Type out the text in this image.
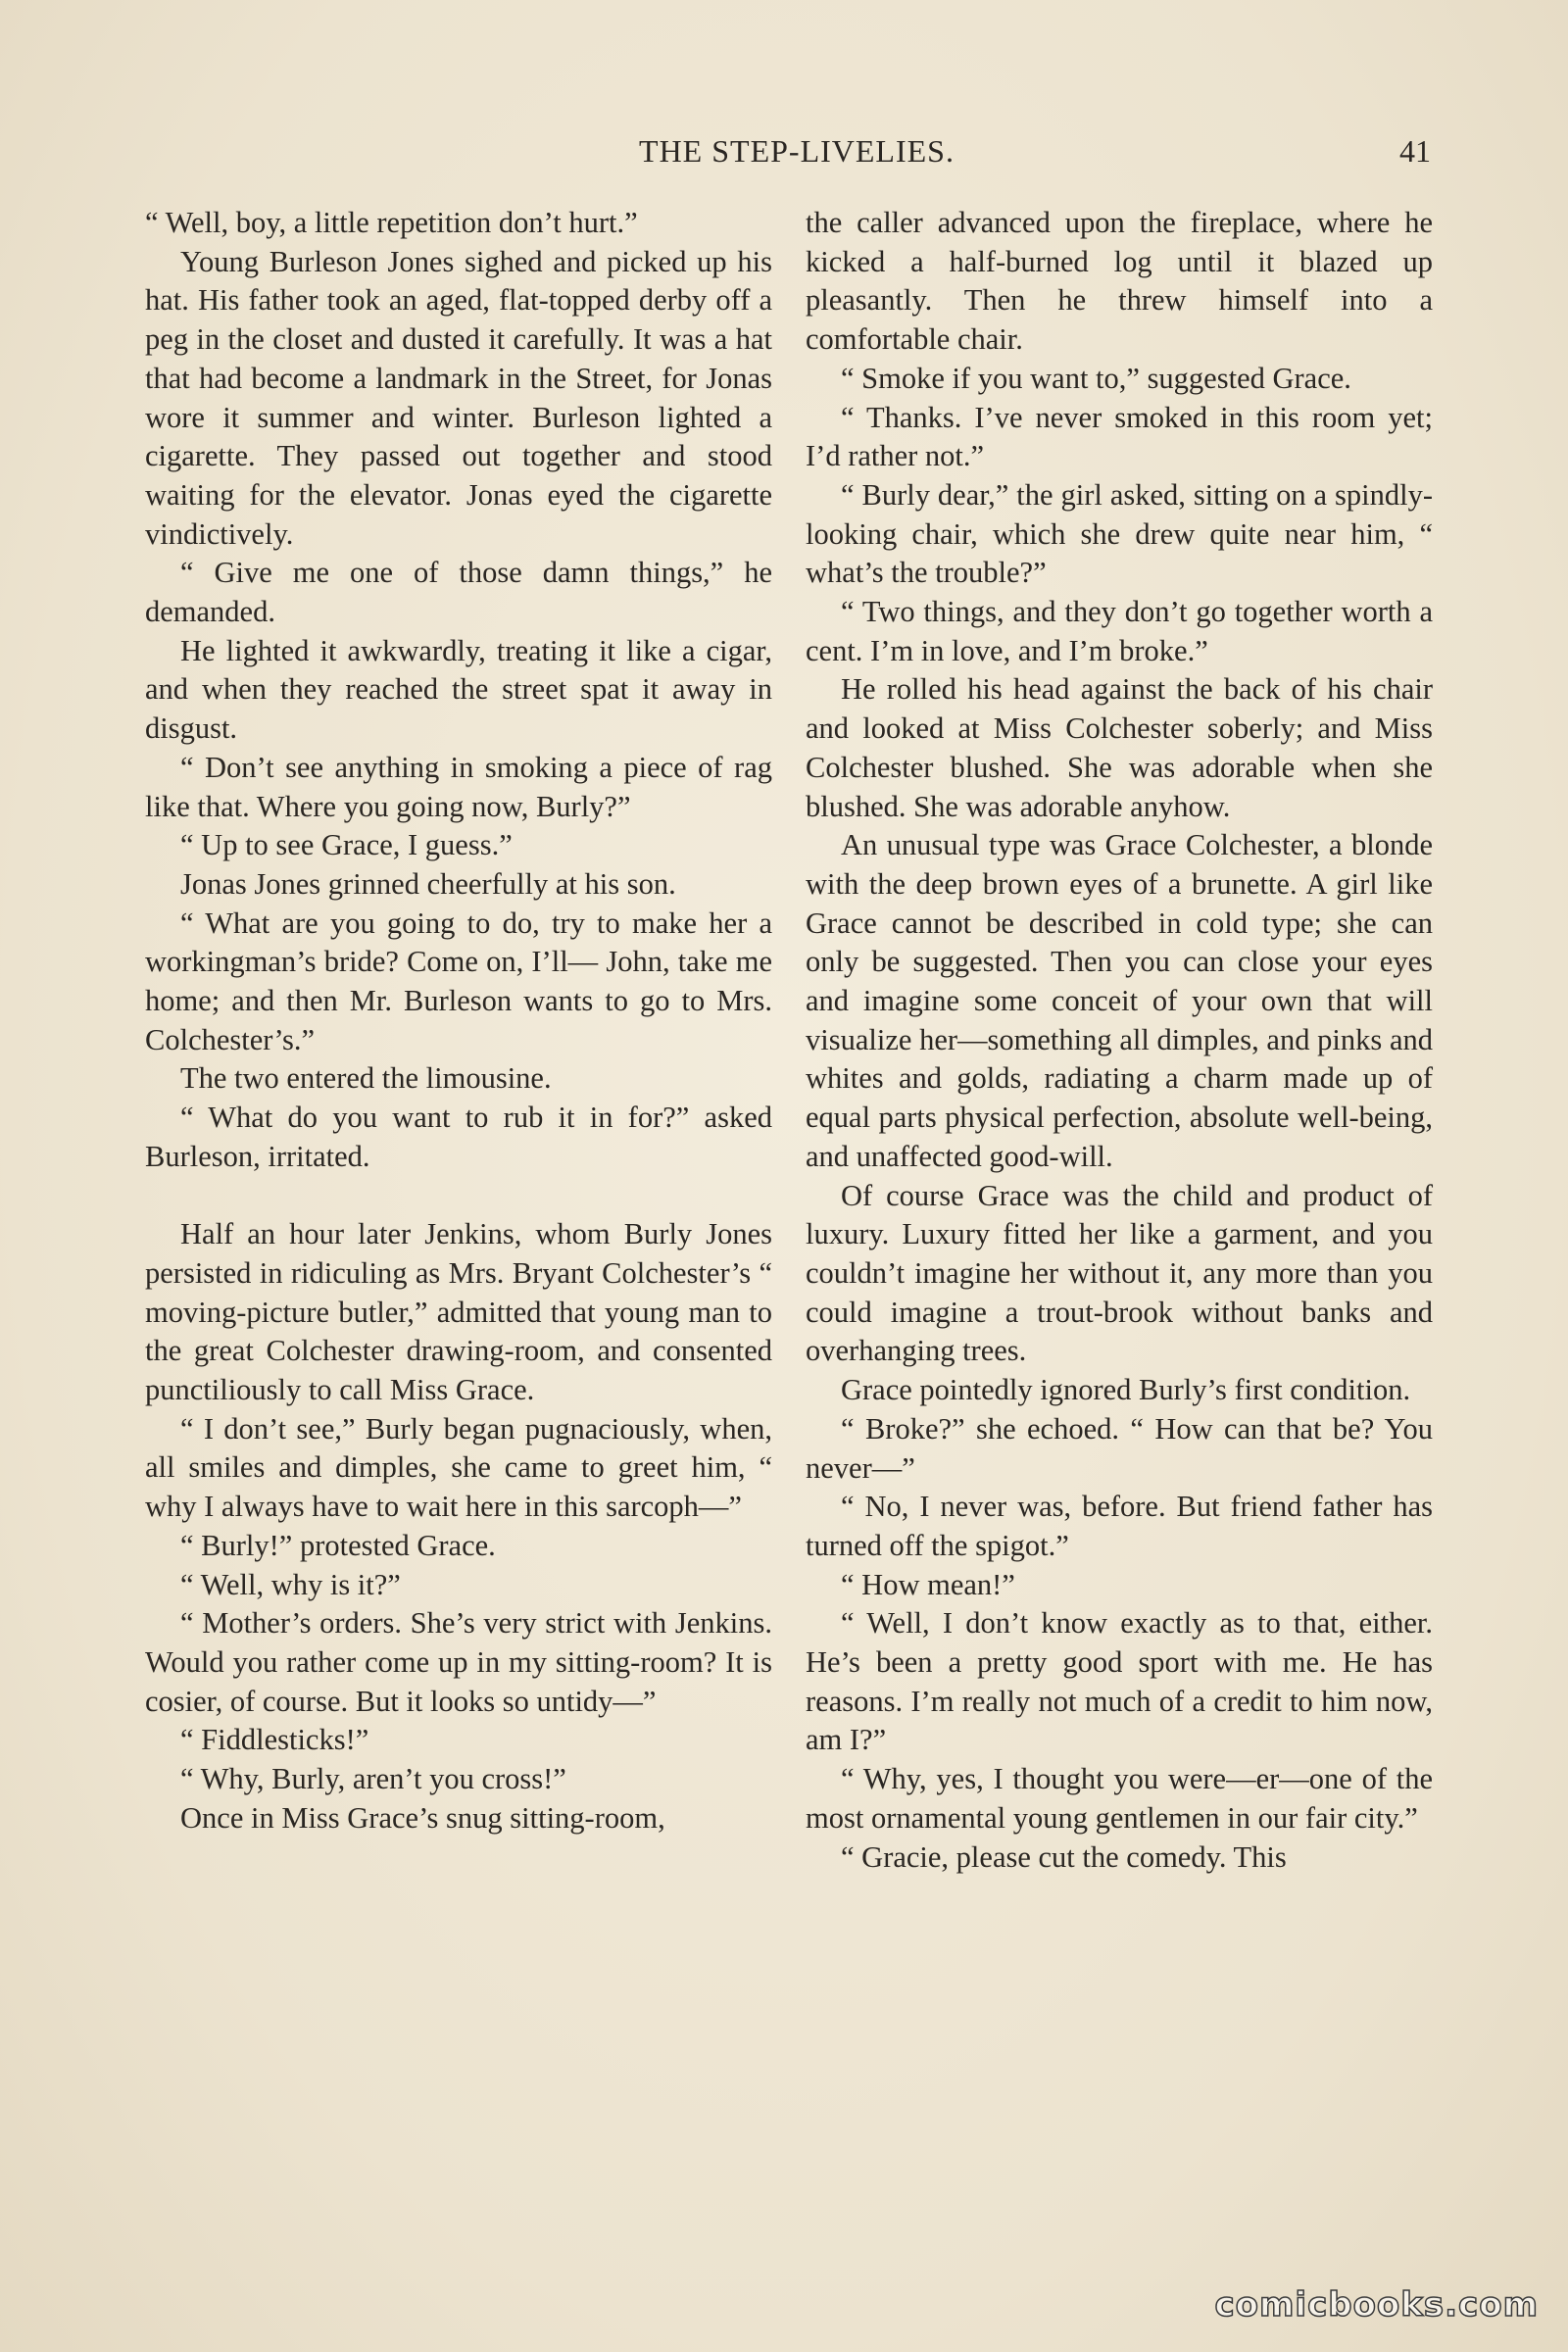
THE STEP-LIVELIES.	41

“ Well, boy, a little repetition don’t hurt.”

Young Burleson Jones sighed and picked up his hat. His father took an aged, flat-topped derby off a peg in the closet and dusted it carefully. It was a hat that had become a landmark in the Street, for Jonas wore it summer and winter. Burleson lighted a cigarette. They passed out together and stood waiting for the elevator. Jonas eyed the cigarette vindictively.

“ Give me one of those damn things,” he demanded.

He lighted it awkwardly, treating it like a cigar, and when they reached the street spat it away in disgust.

“ Don’t see anything in smoking a piece of rag like that. Where you going now, Burly?”

“ Up to see Grace, I guess.”

Jonas Jones grinned cheerfully at his son.

“ What are you going to do, try to make her a workingman’s bride? Come on, I’ll— John, take me home; and then Mr. Burleson wants to go to Mrs. Colchester’s.”

The two entered the limousine.

“ What do you want to rub it in for?” asked Burleson, irritated.

Half an hour later Jenkins, whom Burly Jones persisted in ridiculing as Mrs. Bryant Colchester’s “ moving-picture butler,” admitted that young man to the great Colchester drawing-room, and consented punctiliously to call Miss Grace.

“ I don’t see,” Burly began pugnaciously, when, all smiles and dimples, she came to greet him, “ why I always have to wait here in this sarcoph—”

“ Burly!” protested Grace.

“ Well, why is it?”

“ Mother’s orders. She’s very strict with Jenkins. Would you rather come up in my sitting-room? It is cosier, of course. But it looks so untidy—”

“ Fiddlesticks!”

“ Why, Burly, aren’t you cross!”

Once in Miss Grace’s snug sitting-room,

the caller advanced upon the fireplace, where he kicked a half-burned log until it blazed up pleasantly. Then he threw himself into a comfortable chair.

“ Smoke if you want to,” suggested Grace.

“ Thanks. I’ve never smoked in this room yet; I’d rather not.”

“ Burly dear,” the girl asked, sitting on a spindly-looking chair, which she drew quite near him, “ what’s the trouble?”

“ Two things, and they don’t go together worth a cent. I’m in love, and I’m broke.”

He rolled his head against the back of his chair and looked at Miss Colchester soberly; and Miss Colchester blushed. She was adorable when she blushed. She was adorable anyhow.

An unusual type was Grace Colchester, a blonde with the deep brown eyes of a brunette. A girl like Grace cannot be described in cold type; she can only be suggested. Then you can close your eyes and imagine some conceit of your own that will visualize her—something all dimples, and pinks and whites and golds, radiating a charm made up of equal parts physical perfection, absolute well-being, and unaffected good-will.

Of course Grace was the child and product of luxury. Luxury fitted her like a garment, and you couldn’t imagine her without it, any more than you could imagine a trout-brook without banks and overhanging trees.

Grace pointedly ignored Burly’s first condition.

“ Broke?” she echoed. “ How can that be? You never—”

“ No, I never was, before. But friend father has turned off the spigot.”

“ How mean!”

“ Well, I don’t know exactly as to that, either. He’s been a pretty good sport with me. He has reasons. I’m really not much of a credit to him now, am I?”

“ Why, yes, I thought you were—er—one of the most ornamental young gentlemen in our fair city.”

“ Gracie, please cut the comedy. This

comicbooks.com
